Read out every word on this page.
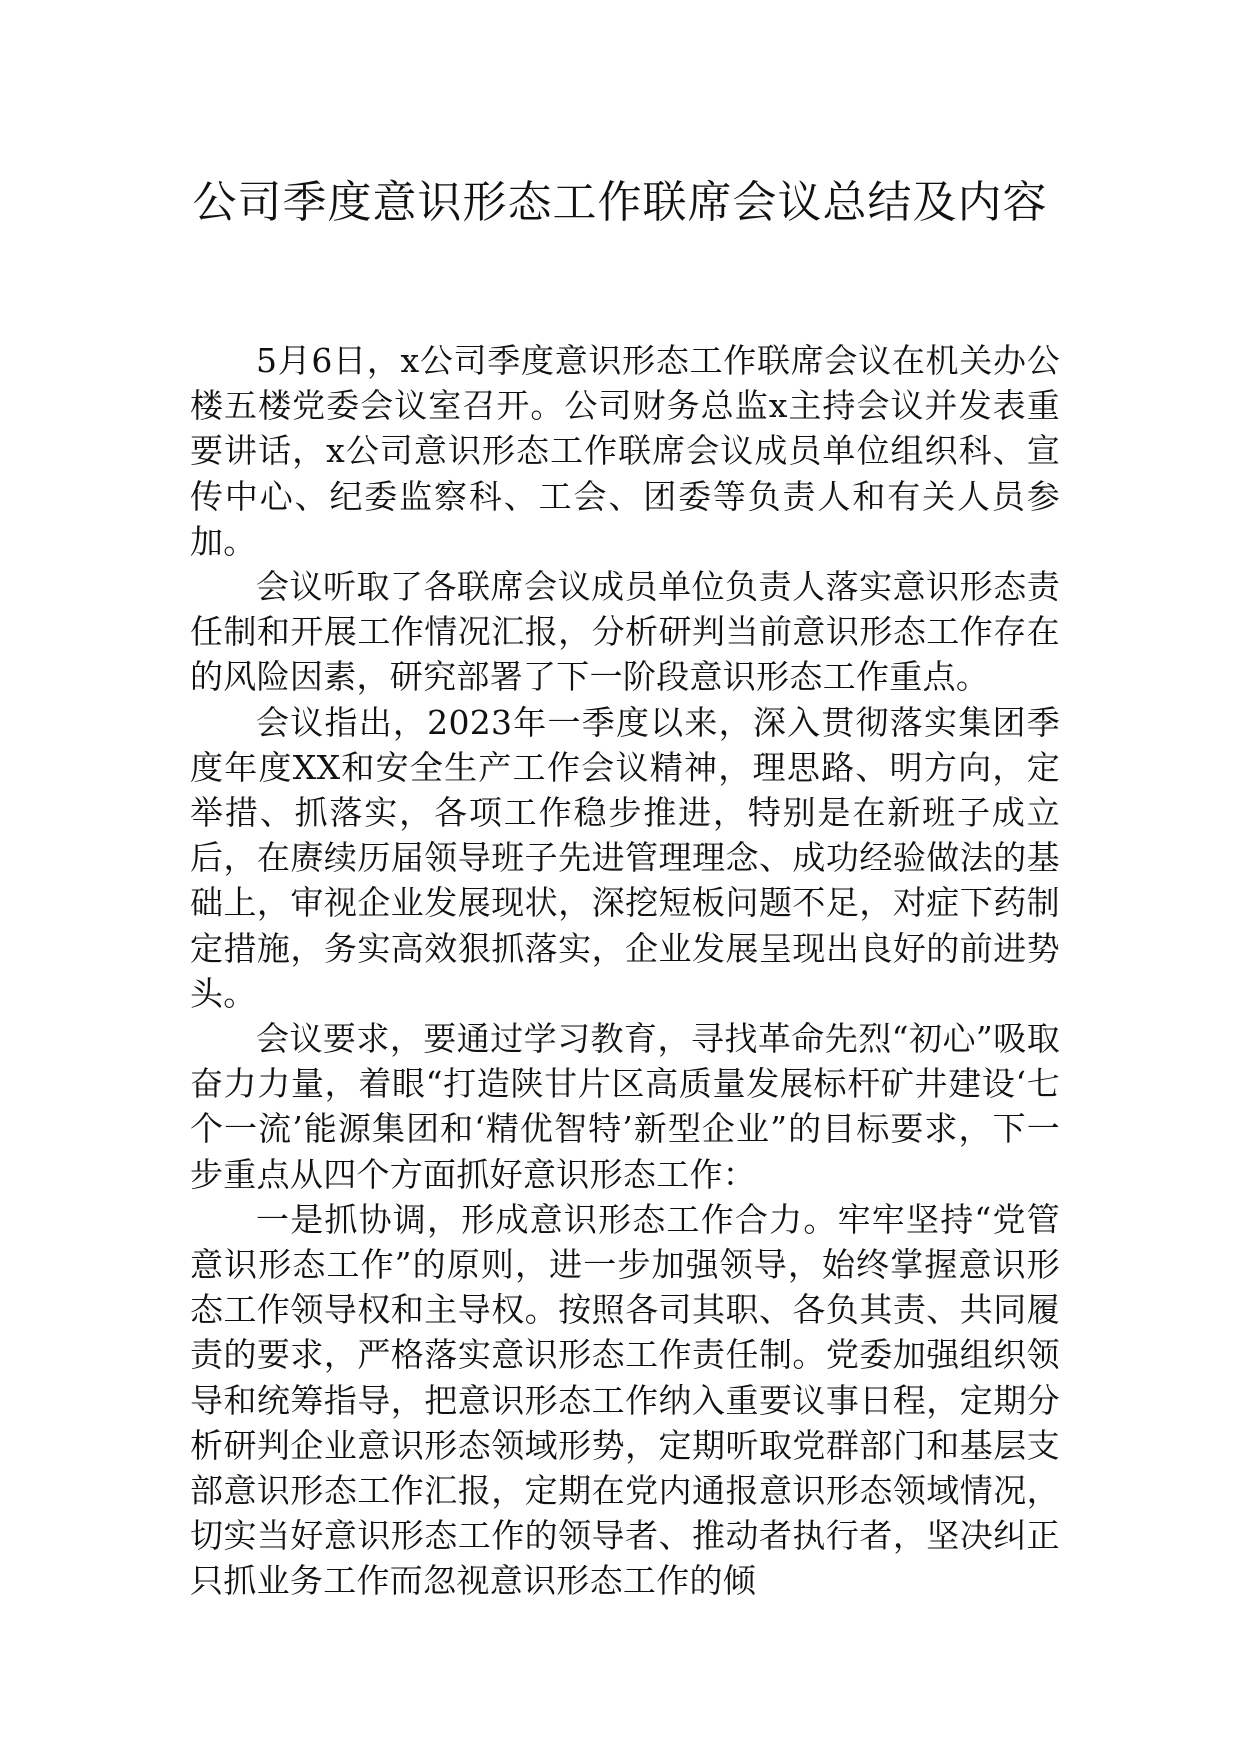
公司季度意识形态工作联席会议总结及内容

5月6日，x公司季度意识形态工作联席会议在机关办公楼五楼党委会议室召开。公司财务总监x主持会议并发表重要讲话，x公司意识形态工作联席会议成员单位组织科、宣传中心、纪委监察科、工会、团委等负责人和有关人员参加。

会议听取了各联席会议成员单位负责人落实意识形态责任制和开展工作情况汇报，分析研判当前意识形态工作存在的风险因素，研究部署了下一阶段意识形态工作重点。

会议指出，2023年一季度以来，深入贯彻落实集团季度年度XX和安全生产工作会议精神，理思路、明方向，定举措、抓落实，各项工作稳步推进，特别是在新班子成立后，在赓续历届领导班子先进管理理念、成功经验做法的基础上，审视企业发展现状，深挖短板问题不足，对症下药制定措施，务实高效狠抓落实，企业发展呈现出良好的前进势头。

会议要求，要通过学习教育，寻找革命先烈“初心”吸取奋力力量，着眼“打造陕甘片区高质量发展标杆矿井建设‘七个一流’能源集团和‘精优智特’新型企业”的目标要求，下一步重点从四个方面抓好意识形态工作：

一是抓协调，形成意识形态工作合力。牢牢坚持“党管意识形态工作”的原则，进一步加强领导，始终掌握意识形态工作领导权和主导权。按照各司其职、各负其责、共同履责的要求，严格落实意识形态工作责任制。党委加强组织领导和统筹指导，把意识形态工作纳入重要议事日程，定期分析研判企业意识形态领域形势，定期听取党群部门和基层支部意识形态工作汇报，定期在党内通报意识形态领域情况，切实当好意识形态工作的领导者、推动者执行者，坚决纠正只抓业务工作而忽视意识形态工作的倾
